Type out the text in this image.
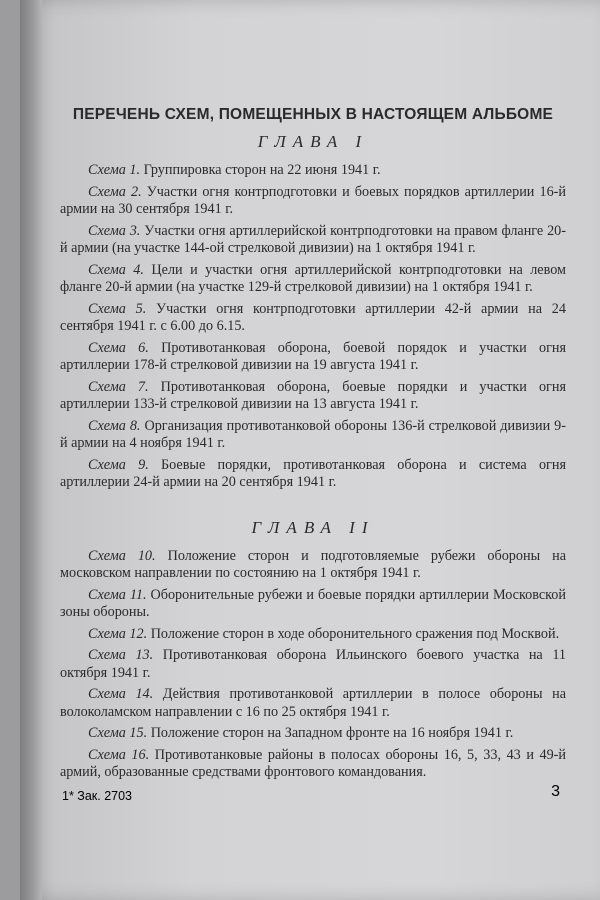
ПЕРЕЧЕНЬ СХЕМ, ПОМЕЩЕННЫХ В НАСТОЯЩЕМ АЛЬБОМЕ
ГЛАВА I

Схема 1. Группировка сторон на 22 июня 1941 г.

Схема 2. Участки огня контрподготовки и боевых порядков артиллерии 16-й армии на 30 сентября 1941 г.

Схема 3. Участки огня артиллерийской контрподготовки на правом фланге 20-й армии (на участке 144-ой стрелковой дивизии) на 1 октября 1941 г.

Схема 4. Цели и участки огня артиллерийской контрподготовки на левом фланге 20-й армии (на участке 129-й стрелковой дивизии) на 1 октября 1941 г.

Схема 5. Участки огня контрподготовки артиллерии 42-й армии на 24 сентября 1941 г. с 6.00 до 6.15.

Схема 6. Противотанковая оборона, боевой порядок и участки огня артиллерии 178-й стрелковой дивизии на 19 августа 1941 г.

Схема 7. Противотанковая оборона, боевые порядки и участки огня артиллерии 133-й стрелковой дивизии на 13 августа 1941 г.

Схема 8. Организация противотанковой обороны 136-й стрелковой дивизии 9-й армии на 4 ноября 1941 г.

Схема 9. Боевые порядки, противотанковая оборона и система огня артиллерии 24-й армии на 20 сентября 1941 г.

ГЛАВА II

Схема 10. Положение сторон и подготовляемые рубежи обороны на московском направлении по состоянию на 1 октября 1941 г.

Схема 11. Оборонительные рубежи и боевые порядки артиллерии Московской зоны обороны.

Схема 12. Положение сторон в ходе оборонительного сражения под Москвой.

Схема 13. Противотанковая оборона Ильинского боевого участка на 11 октября 1941 г.

Схема 14. Действия противотанковой артиллерии в полосе обороны на волоколамском направлении с 16 по 25 октября 1941 г.

Схема 15. Положение сторон на Западном фронте на 16 ноября 1941 г.

Схема 16. Противотанковые районы в полосах обороны 16, 5, 33, 43 и 49-й армий, образованные средствами фронтового командования.

1* Зак. 2703	3
